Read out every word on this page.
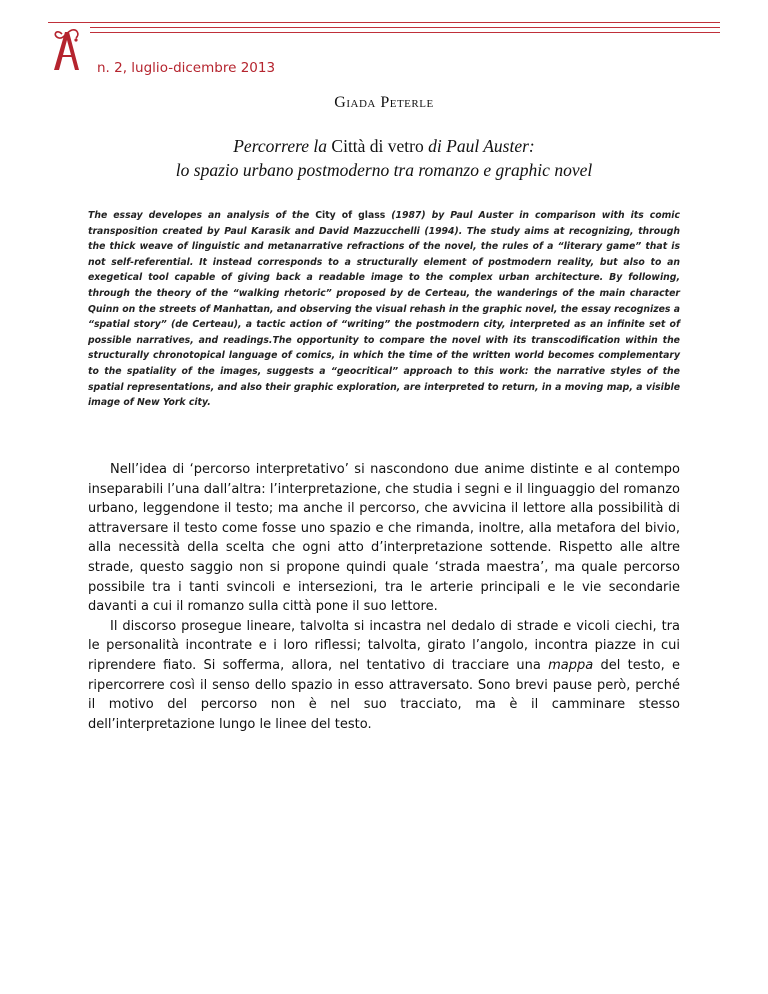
n. 2, luglio-dicembre 2013
Giada Peterle
Percorrere la Città di vetro di Paul Auster:
lo spazio urbano postmoderno tra romanzo e graphic novel
The essay developes an analysis of the City of glass (1987) by Paul Auster in comparison with its comic transposition created by Paul Karasik and David Mazzucchelli (1994). The study aims at recognizing, through the thick weave of linguistic and metanarrative refractions of the novel, the rules of a “literary game” that is not self-referential. It instead corresponds to a structurally element of postmodern reality, but also to an exegetical tool capable of giving back a readable image to the complex urban architecture. By following, through the theory of the “walking rhetoric” proposed by de Certeau, the wanderings of the main character Quinn on the streets of Manhattan, and observing the visual rehash in the graphic novel, the essay recognizes a “spatial story” (de Certeau), a tactic action of “writing” the postmodern city, interpreted as an infinite set of possible narratives, and readings.The opportunity to compare the novel with its transcodification within the structurally chronotopical language of comics, in which the time of the written world becomes complementary to the spatiality of the images, suggests a “geocritical” approach to this work: the narrative styles of the spatial representations, and also their graphic exploration, are interpreted to return, in a moving map, a visible image of New York city.

Nell’idea di ‘percorso interpretativo’ si nascondono due anime distinte e al contempo inseparabili l’una dall’altra: l’interpretazione, che studia i segni e il linguaggio del romanzo urbano, leggendone il testo; ma anche il percorso, che avvicina il lettore alla possibilità di attraversare il testo come fosse uno spazio e che rimanda, inoltre, alla metafora del bivio, alla necessità della scelta che ogni atto d’interpretazione sottende. Rispetto alle altre strade, questo saggio non si propone quindi quale ‘strada maestra’, ma quale percorso possibile tra i tanti svincoli e intersezioni, tra le arterie principali e le vie secondarie davanti a cui il romanzo sulla città pone il suo lettore.

Il discorso prosegue lineare, talvolta si incastra nel dedalo di strade e vicoli ciechi, tra le personalità incontrate e i loro riflessi; talvolta, girato l’angolo, incontra piazze in cui riprendere fiato. Si sofferma, allora, nel tentativo di tracciare una mappa del testo, e ripercorrere così il senso dello spazio in esso attraversato. Sono brevi pause però, perché il motivo del percorso non è nel suo tracciato, ma è il camminare stesso dell’interpretazione lungo le linee del testo.
